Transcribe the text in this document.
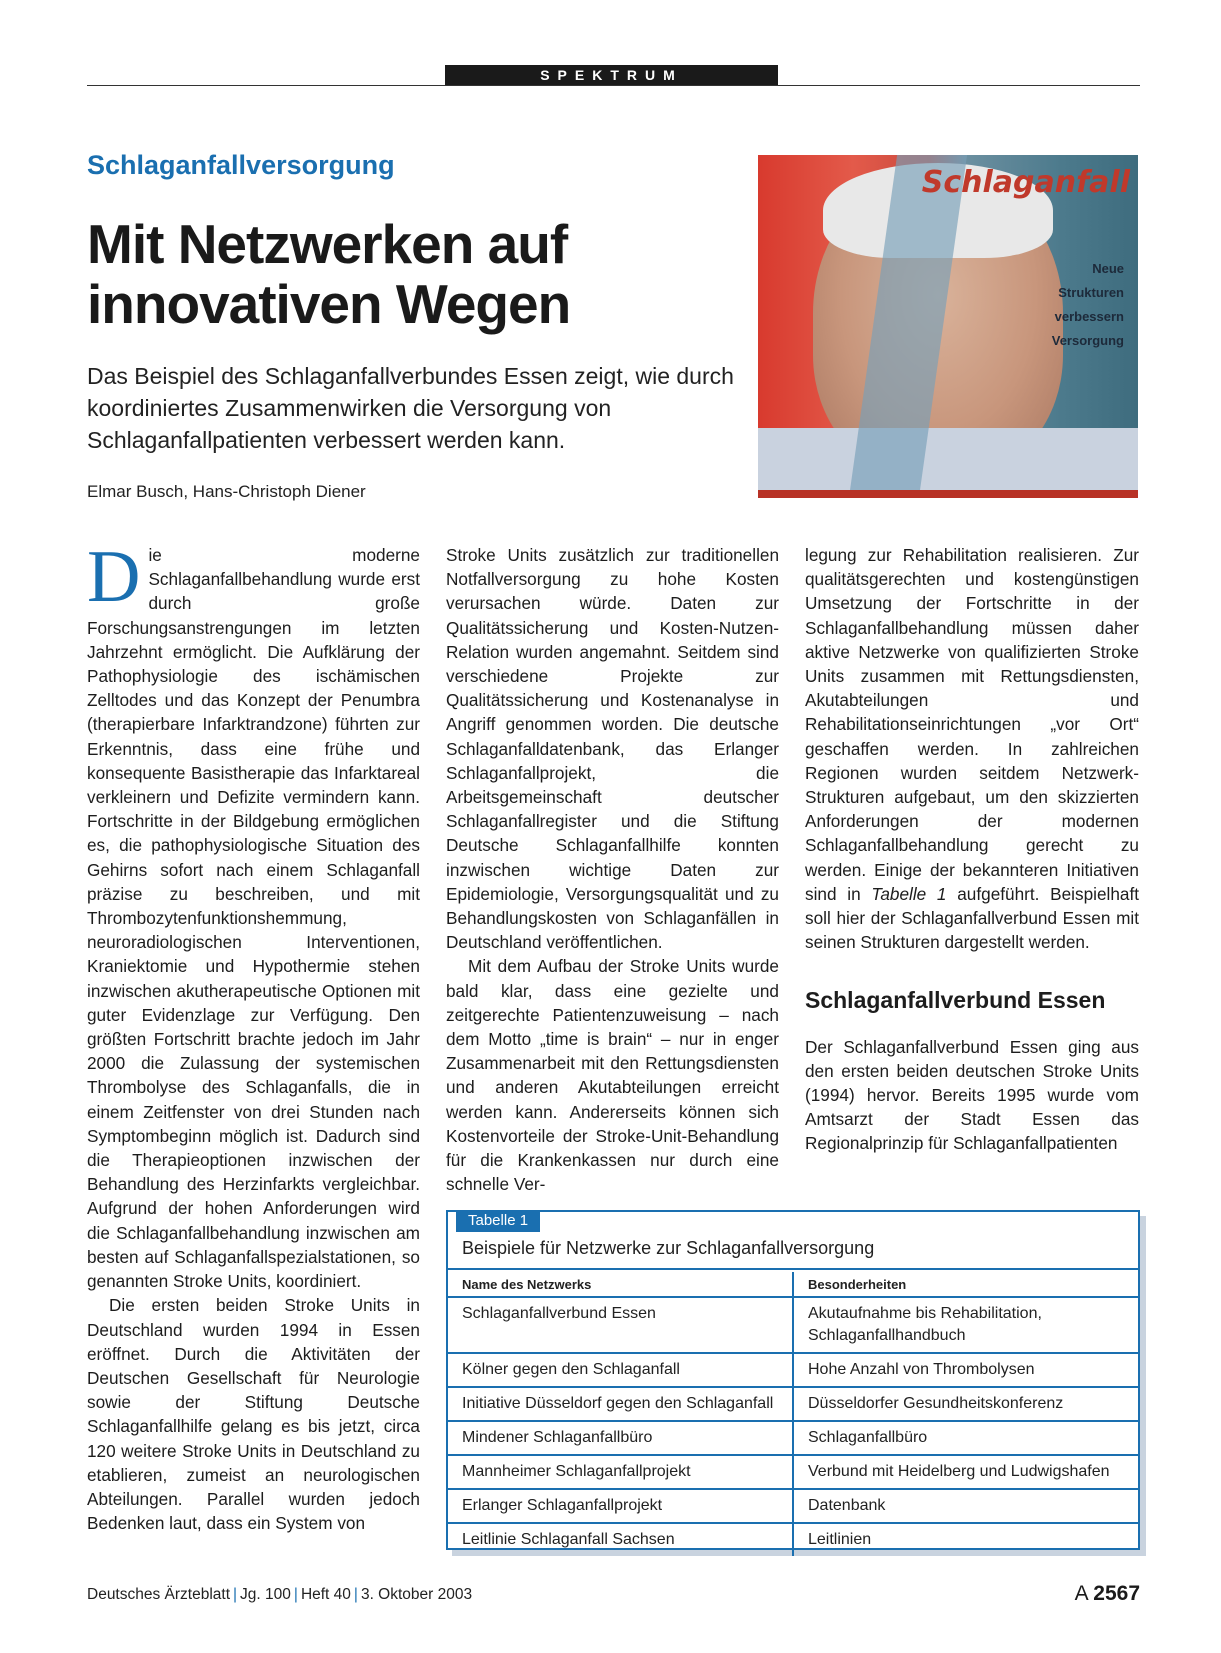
SPEKTRUM
Schlaganfallversorgung
Mit Netzwerken auf innovativen Wegen
Das Beispiel des Schlaganfallverbundes Essen zeigt, wie durch koordiniertes Zusammenwirken die Versorgung von Schlaganfallpatienten verbessert werden kann.
Elmar Busch, Hans-Christoph Diener
Schlaganfall
Neue Strukturen verbessern Versorgung

Die moderne Schlaganfallbehandlung wurde erst durch große Forschungsanstrengungen im letzten Jahrzehnt ermöglicht. Die Aufklärung der Pathophysiologie des ischämischen Zelltodes und das Konzept der Penumbra (therapierbare Infarktrandzone) führten zur Erkenntnis, dass eine frühe und konsequente Basistherapie das Infarktareal verkleinern und Defizite vermindern kann. Fortschritte in der Bildgebung ermöglichen es, die pathophysiologische Situation des Gehirns sofort nach einem Schlaganfall präzise zu beschreiben, und mit Thrombozytenfunktionshemmung, neuroradiologischen Interventionen, Kraniektomie und Hypothermie stehen inzwischen akutherapeutische Optionen mit guter Evidenzlage zur Verfügung. Den größten Fortschritt brachte jedoch im Jahr 2000 die Zulassung der systemischen Thrombolyse des Schlaganfalls, die in einem Zeitfenster von drei Stunden nach Symptombeginn möglich ist. Dadurch sind die Therapieoptionen inzwischen der Behandlung des Herzinfarkts vergleichbar. Aufgrund der hohen Anforderungen wird die Schlaganfallbehandlung inzwischen am besten auf Schlaganfallspezialstationen, so genannten Stroke Units, koordiniert.

Die ersten beiden Stroke Units in Deutschland wurden 1994 in Essen eröffnet. Durch die Aktivitäten der Deutschen Gesellschaft für Neurologie sowie der Stiftung Deutsche Schlaganfallhilfe gelang es bis jetzt, circa 120 weitere Stroke Units in Deutschland zu etablieren, zumeist an neurologischen Abteilungen. Parallel wurden jedoch Bedenken laut, dass ein System von

Stroke Units zusätzlich zur traditionellen Notfallversorgung zu hohe Kosten verursachen würde. Daten zur Qualitätssicherung und Kosten-Nutzen-Relation wurden angemahnt. Seitdem sind verschiedene Projekte zur Qualitätssicherung und Kostenanalyse in Angriff genommen worden. Die deutsche Schlaganfalldatenbank, das Erlanger Schlaganfallprojekt, die Arbeitsgemeinschaft deutscher Schlaganfallregister und die Stiftung Deutsche Schlaganfallhilfe konnten inzwischen wichtige Daten zur Epidemiologie, Versorgungsqualität und zu Behandlungskosten von Schlaganfällen in Deutschland veröffentlichen.

Mit dem Aufbau der Stroke Units wurde bald klar, dass eine gezielte und zeitgerechte Patientenzuweisung – nach dem Motto „time is brain“ – nur in enger Zusammenarbeit mit den Rettungsdiensten und anderen Akutabteilungen erreicht werden kann. Andererseits können sich Kostenvorteile der Stroke-Unit-Behandlung für die Krankenkassen nur durch eine schnelle Ver-

legung zur Rehabilitation realisieren. Zur qualitätsgerechten und kostengünstigen Umsetzung der Fortschritte in der Schlaganfallbehandlung müssen daher aktive Netzwerke von qualifizierten Stroke Units zusammen mit Rettungsdiensten, Akutabteilungen und Rehabilitationseinrichtungen „vor Ort“ geschaffen werden. In zahlreichen Regionen wurden seitdem Netzwerk-Strukturen aufgebaut, um den skizzierten Anforderungen der modernen Schlaganfallbehandlung gerecht zu werden. Einige der bekannteren Initiativen sind in Tabelle 1 aufgeführt. Beispielhaft soll hier der Schlaganfallverbund Essen mit seinen Strukturen dargestellt werden.

Schlaganfallverbund Essen

Der Schlaganfallverbund Essen ging aus den ersten beiden deutschen Stroke Units (1994) hervor. Bereits 1995 wurde vom Amtsarzt der Stadt Essen das Regionalprinzip für Schlaganfallpatienten

Tabelle 1
Beispiele für Netzwerke zur Schlaganfallversorgung
Name des Netzwerks	Besonderheiten
Schlaganfallverbund Essen	Akutaufnahme bis Rehabilitation, Schlaganfallhandbuch
Kölner gegen den Schlaganfall	Hohe Anzahl von Thrombolysen
Initiative Düsseldorf gegen den Schlaganfall	Düsseldorfer Gesundheitskonferenz
Mindener Schlaganfallbüro	Schlaganfallbüro
Mannheimer Schlaganfallprojekt	Verbund mit Heidelberg und Ludwigshafen
Erlanger Schlaganfallprojekt	Datenbank
Leitlinie Schlaganfall Sachsen	Leitlinien
Deutsches Ärzteblatt | Jg. 100 | Heft 40 | 3. Oktober 2003	A 2567
